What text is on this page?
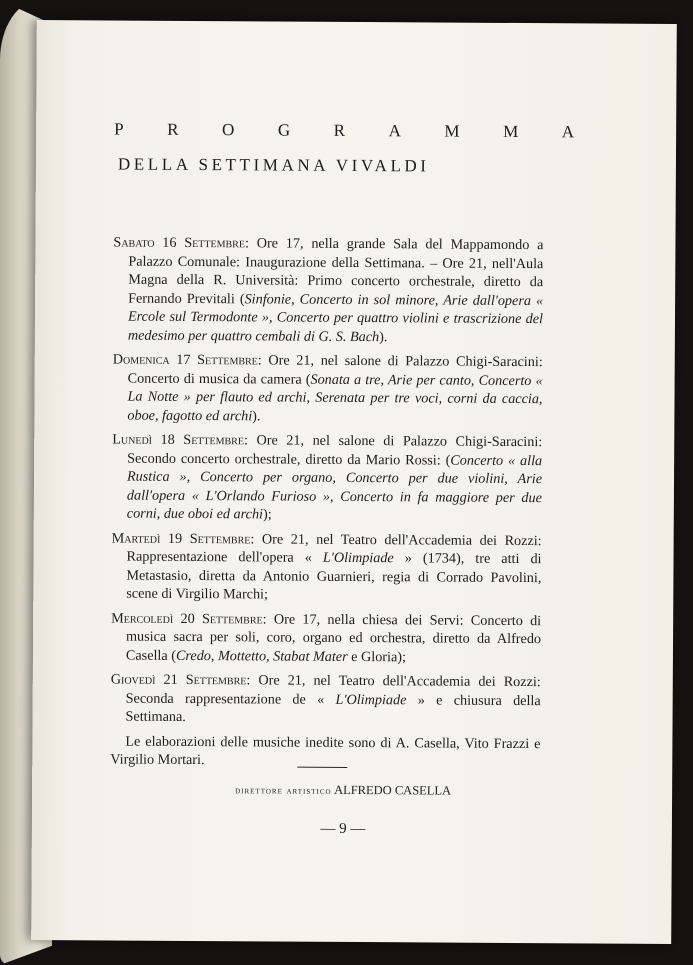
P	R	O	G	R	A	M	M	A
DELLA SETTIMANA VIVALDI

Sabato 16 Settembre: Ore 17, nella grande Sala del Mappamondo a Palazzo Comunale: Inaugurazione della Settimana. – Ore 21, nell'Aula Magna della R. Università: Primo concerto orchestrale, diretto da Fernando Previtali (Sinfonie, Concerto in sol minore, Arie dall'opera « Ercole sul Termodonte », Concerto per quattro violini e trascrizione del medesimo per quattro cembali di G. S. Bach).

Domenica 17 Settembre: Ore 21, nel salone di Palazzo Chigi-Saracini: Concerto di musica da camera (Sonata a tre, Arie per canto, Concerto « La Notte » per flauto ed archi, Serenata per tre voci, corni da caccia, oboe, fagotto ed archi).

Lunedì 18 Settembre: Ore 21, nel salone di Palazzo Chigi-Saracini: Secondo concerto orchestrale, diretto da Mario Rossi: (Concerto « alla Rustica », Concerto per organo, Concerto per due violini, Arie dall'opera « L'Orlando Furioso », Concerto in fa maggiore per due corni, due oboi ed archi);

Martedì 19 Settembre: Ore 21, nel Teatro dell'Accademia dei Rozzi: Rappresentazione dell'opera « L'Olimpiade » (1734), tre atti di Metastasio, diretta da Antonio Guarnieri, regia di Corrado Pavolini, scene di Virgilio Marchi;

Mercoledì 20 Settembre: Ore 17, nella chiesa dei Servi: Concerto di musica sacra per soli, coro, organo ed orchestra, diretto da Alfredo Casella (Credo, Mottetto, Stabat Mater e Gloria);

Giovedì 21 Settembre: Ore 21, nel Teatro dell'Accademia dei Rozzi: Seconda rappresentazione de « L'Olimpiade » e chiusura della Settimana.

Le elaborazioni delle musiche inedite sono di A. Casella, Vito Frazzi e Virgilio Mortari.

direttore artistico ALFREDO CASELLA
— 9 —
